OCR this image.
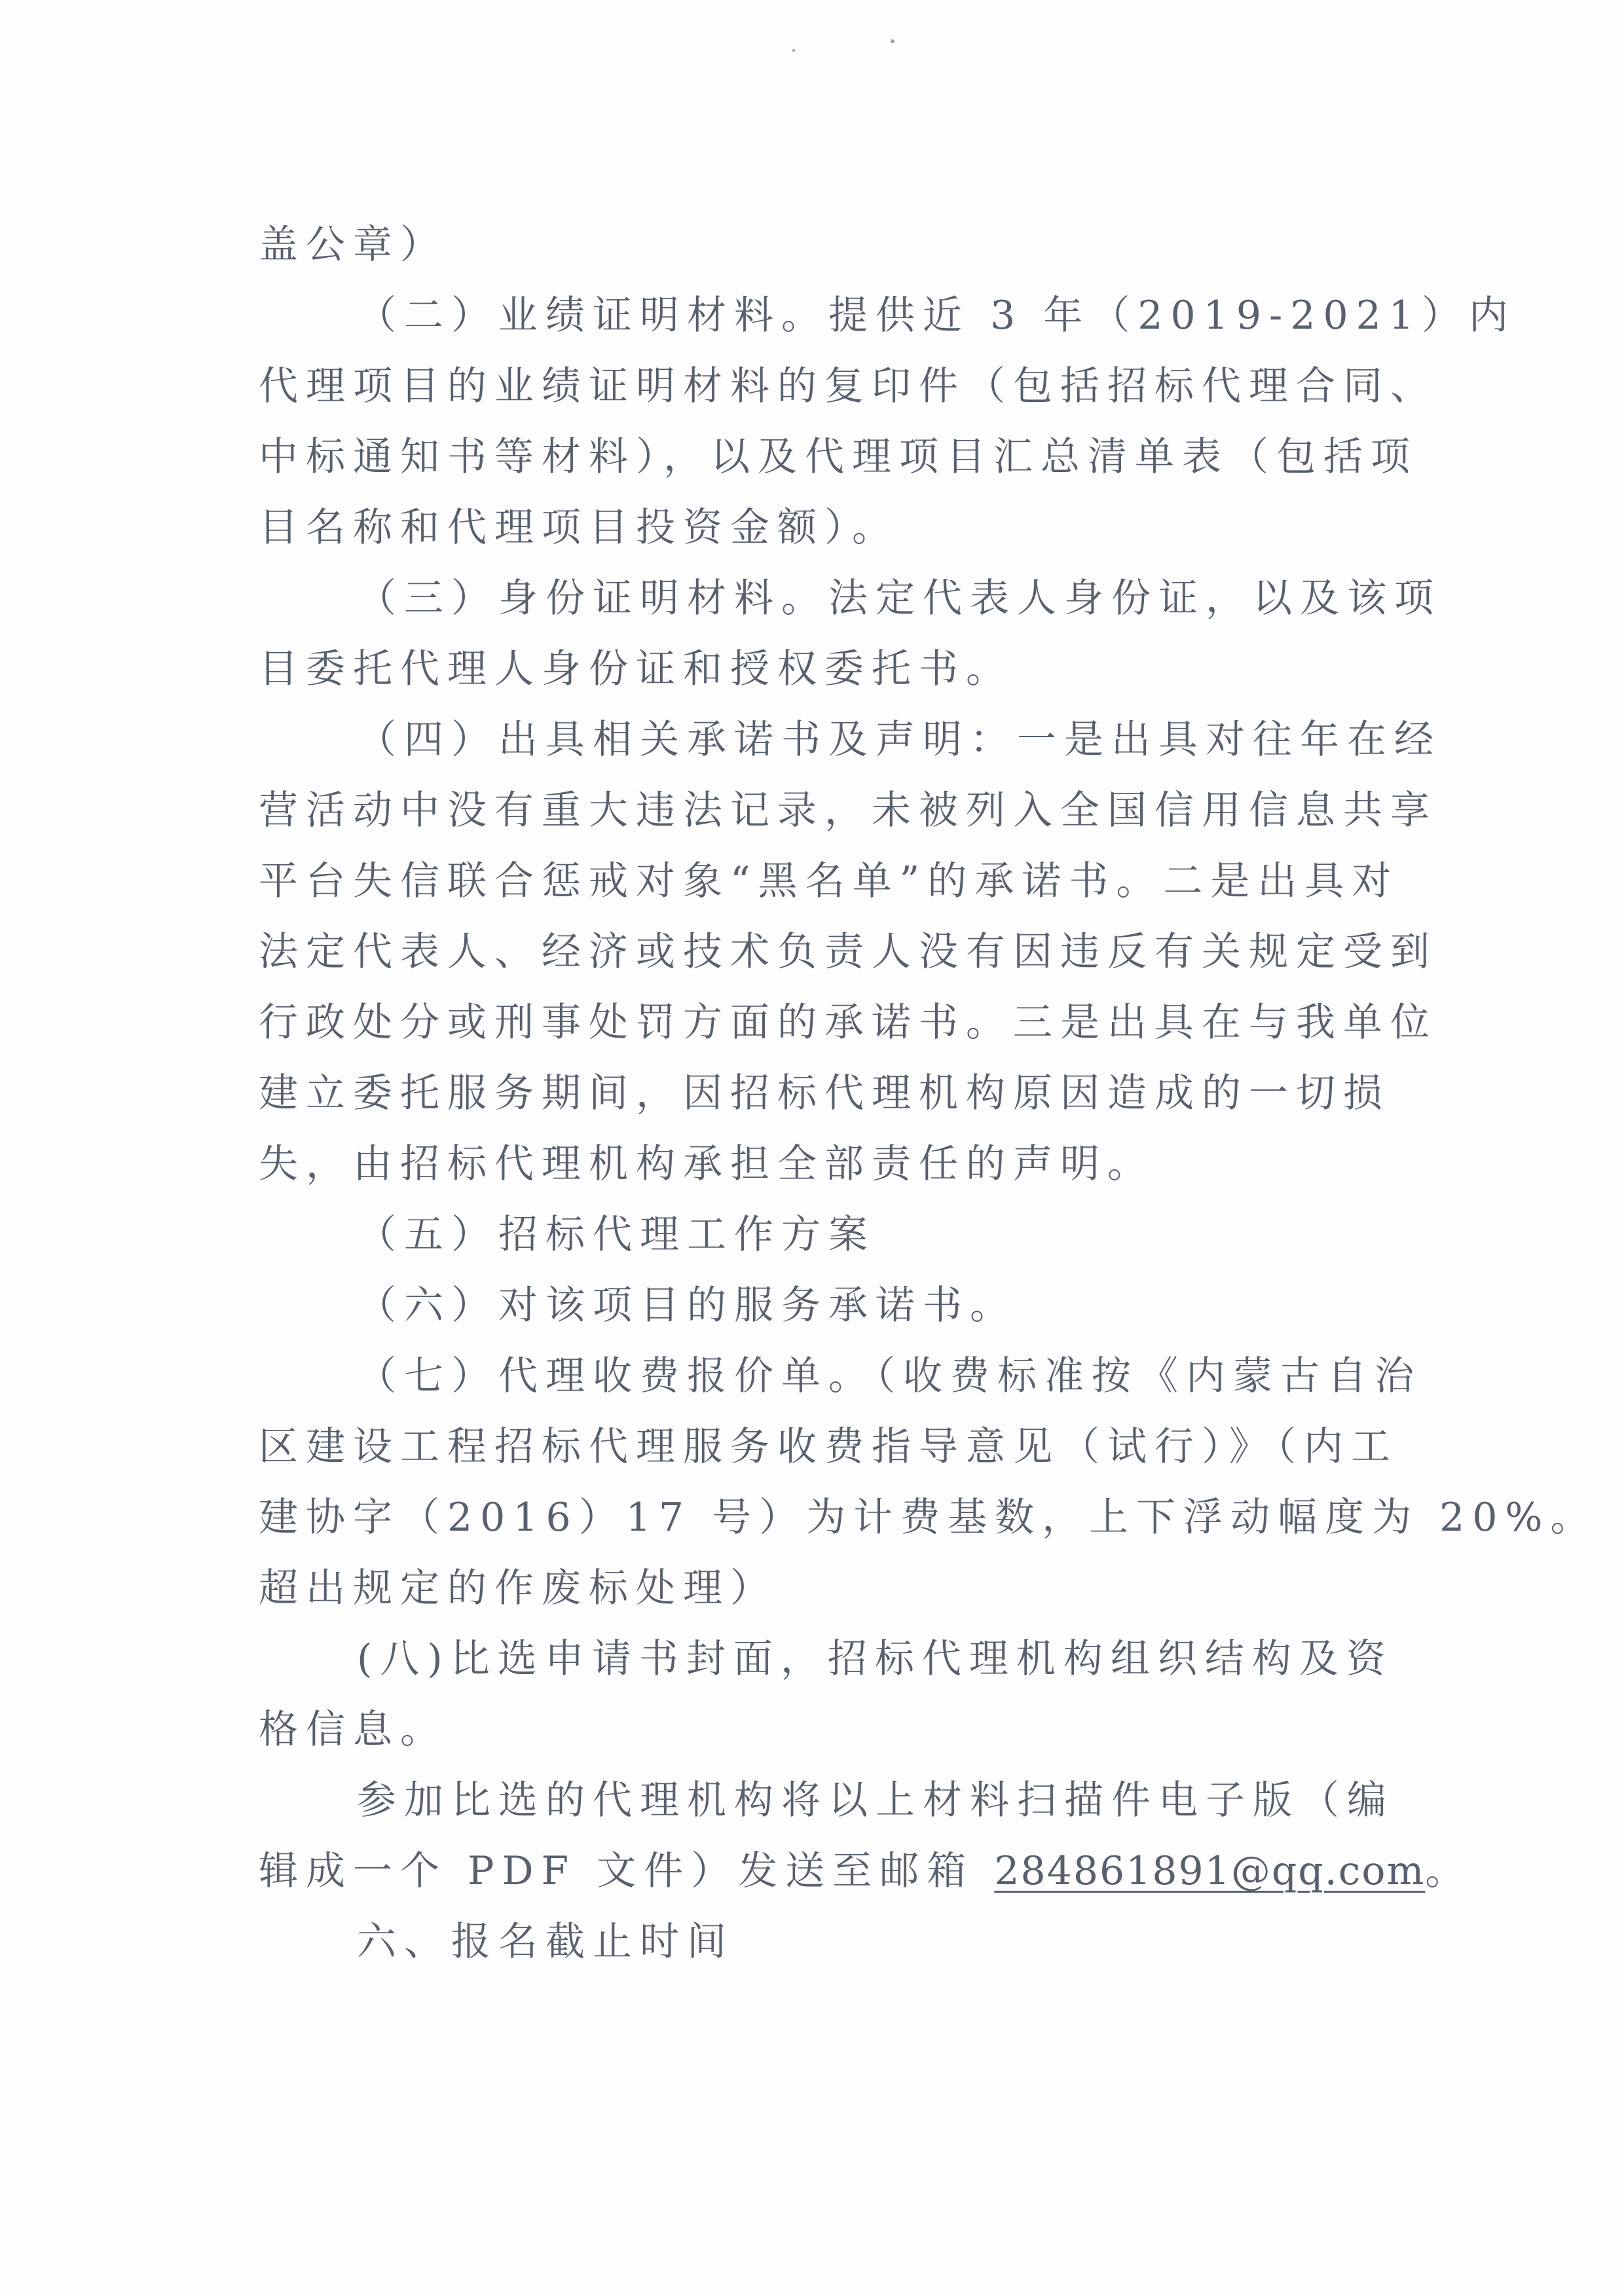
盖公章）
（二）业绩证明材料。提供近 3 年（2019-2021）内
代理项目的业绩证明材料的复印件（包括招标代理合同、
中标通知书等材料），以及代理项目汇总清单表（包括项
目名称和代理项目投资金额）。
（三）身份证明材料。法定代表人身份证，以及该项
目委托代理人身份证和授权委托书。
（四）出具相关承诺书及声明：一是出具对往年在经
营活动中没有重大违法记录，未被列入全国信用信息共享
平台失信联合惩戒对象“黑名单”的承诺书。二是出具对
法定代表人、经济或技术负责人没有因违反有关规定受到
行政处分或刑事处罚方面的承诺书。三是出具在与我单位
建立委托服务期间，因招标代理机构原因造成的一切损
失，由招标代理机构承担全部责任的声明。
（五）招标代理工作方案
（六）对该项目的服务承诺书。
（七）代理收费报价单。（收费标准按《内蒙古自治
区建设工程招标代理服务收费指导意见（试行）》（内工
建协字（2016）17 号）为计费基数，上下浮动幅度为 20%。
超出规定的作废标处理）
(八)比选申请书封面，招标代理机构组织结构及资
格信息。
参加比选的代理机构将以上材料扫描件电子版（编
辑成一个 PDF 文件）发送至邮箱 284861891@qq.com。
六、报名截止时间
